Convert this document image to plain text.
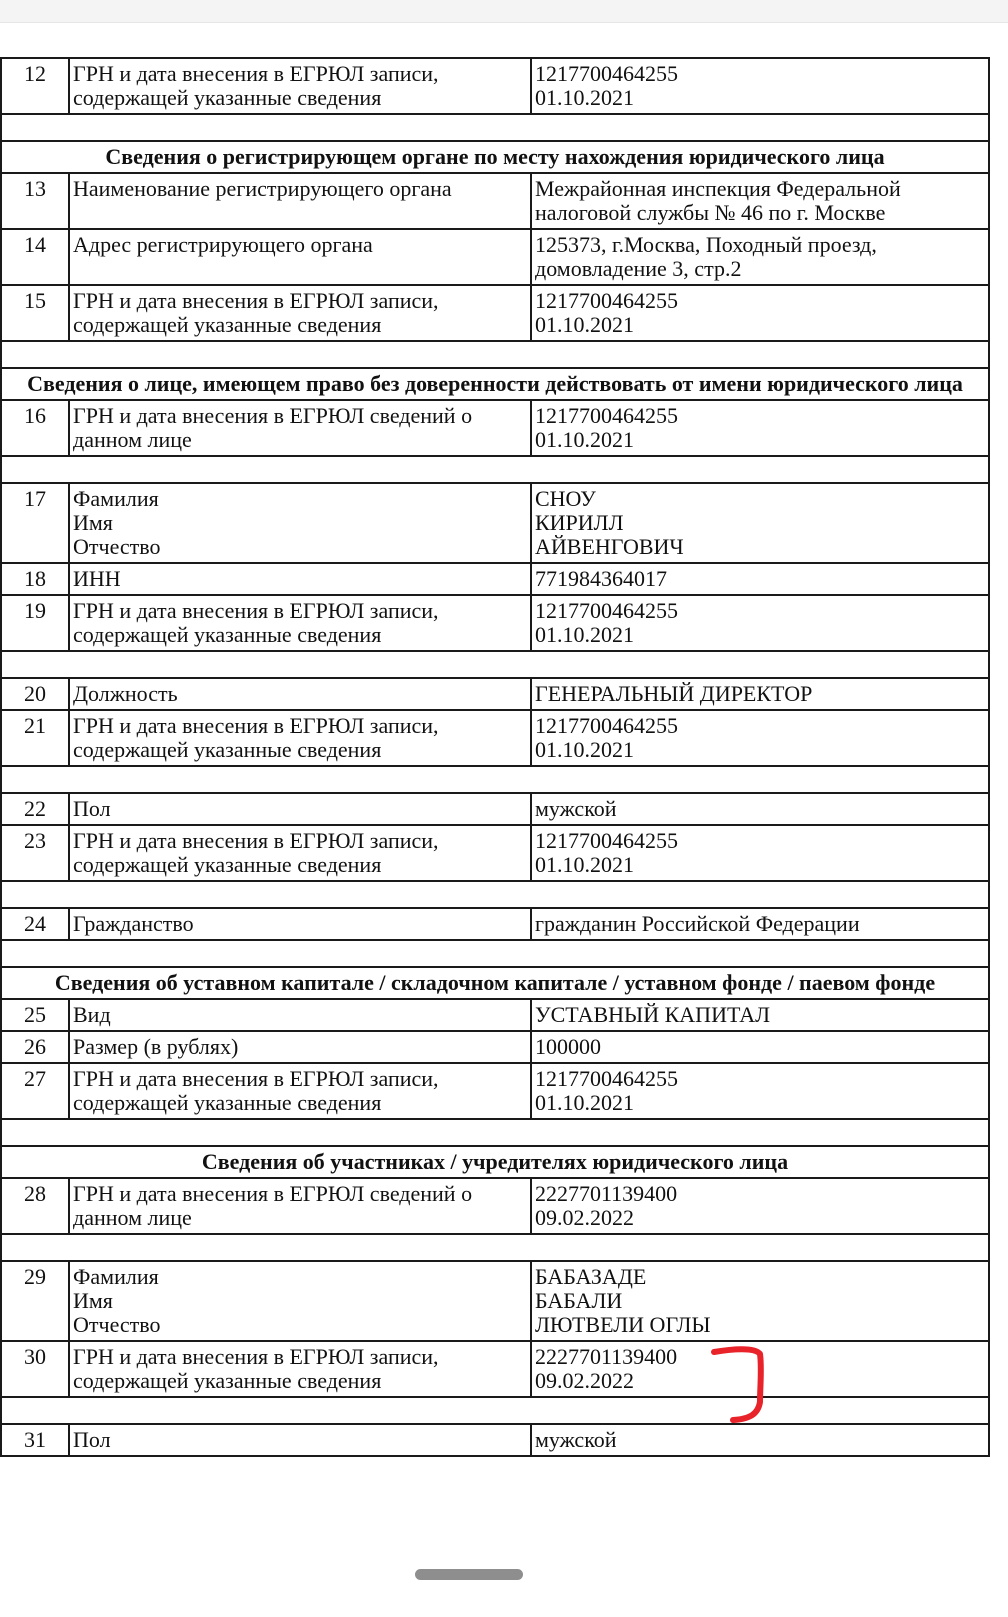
12	ГРН и дата внесения в ЕГРЮЛ записи,
содержащей указанные сведения	1217700464255
01.10.2021

Сведения о регистрирующем органе по месту нахождения юридического лица		
13	Наименование регистрирующего органа	Межрайонная инспекция Федеральной
налоговой службы № 46 по г. Москве
14	Адрес регистрирующего органа	125373, г.Москва, Походный проезд,
домовладение 3, стр.2
15	ГРН и дата внесения в ЕГРЮЛ записи,
содержащей указанные сведения	1217700464255
01.10.2021

Сведения о лице, имеющем право без доверенности действовать от имени юридического лица		
16	ГРН и дата внесения в ЕГРЮЛ сведений о
данном лице	1217700464255
01.10.2021

17	Фамилия
Имя
Отчество	СНОУ
КИРИЛЛ
АЙВЕНГОВИЧ
18	ИНН	771984364017
19	ГРН и дата внесения в ЕГРЮЛ записи,
содержащей указанные сведения	1217700464255
01.10.2021

20	Должность	ГЕНЕРАЛЬНЫЙ ДИРЕКТОР
21	ГРН и дата внесения в ЕГРЮЛ записи,
содержащей указанные сведения	1217700464255
01.10.2021

22	Пол	мужской
23	ГРН и дата внесения в ЕГРЮЛ записи,
содержащей указанные сведения	1217700464255
01.10.2021

24	Гражданство	гражданин Российской Федерации

Сведения об уставном капитале / складочном капитале / уставном фонде / паевом фонде		
25	Вид	УСТАВНЫЙ КАПИТАЛ
26	Размер (в рублях)	100000
27	ГРН и дата внесения в ЕГРЮЛ записи,
содержащей указанные сведения	1217700464255
01.10.2021

Сведения об участниках / учредителях юридического лица		
28	ГРН и дата внесения в ЕГРЮЛ сведений о
данном лице	2227701139400
09.02.2022

29	Фамилия
Имя
Отчество	БАБАЗАДЕ
БАБАЛИ
ЛЮТВЕЛИ ОГЛЫ
30	ГРН и дата внесения в ЕГРЮЛ записи,
содержащей указанные сведения	2227701139400
09.02.2022

31	Пол	мужской
